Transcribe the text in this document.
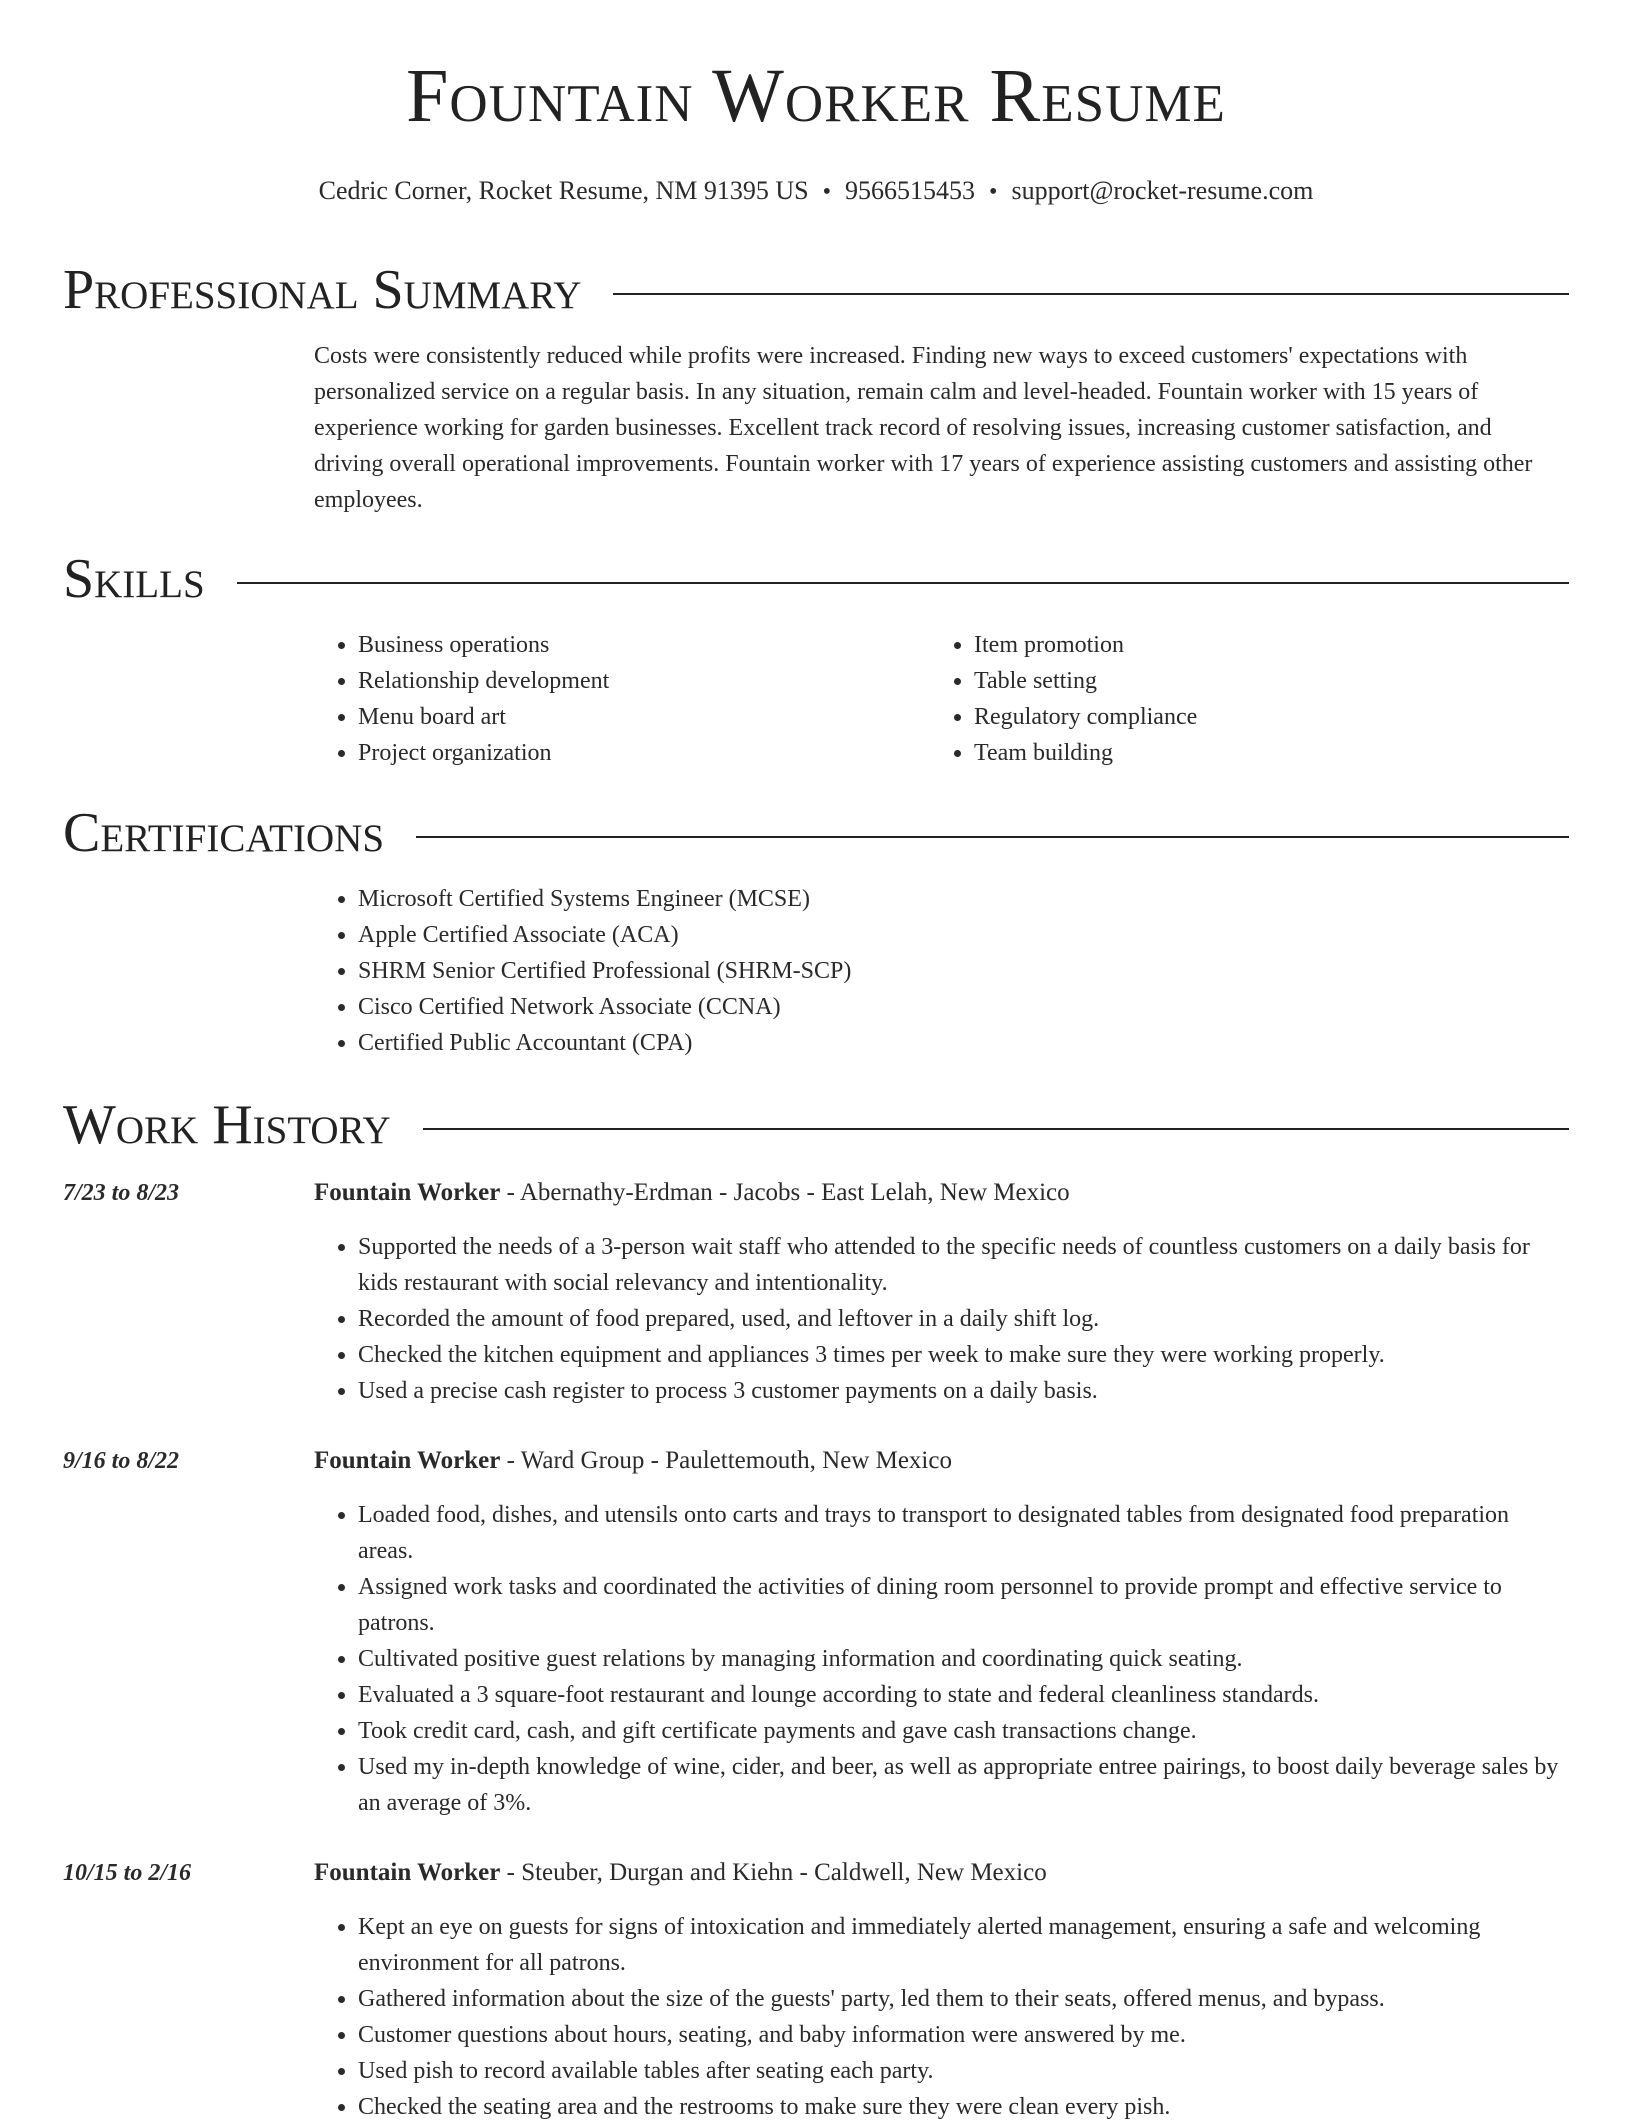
Fountain Worker Resume
Cedric Corner, Rocket Resume, NM 91395 US • 9566515453 • support@rocket-resume.com
Professional Summary
Costs were consistently reduced while profits were increased. Finding new ways to exceed customers' expectations with personalized service on a regular basis. In any situation, remain calm and level-headed. Fountain worker with 15 years of experience working for garden businesses. Excellent track record of resolving issues, increasing customer satisfaction, and driving overall operational improvements. Fountain worker with 17 years of experience assisting customers and assisting other employees.
Skills
• Business operations
• Relationship development
• Menu board art
• Project organization
• Item promotion
• Table setting
• Regulatory compliance
• Team building
Certifications
• Microsoft Certified Systems Engineer (MCSE)
• Apple Certified Associate (ACA)
• SHRM Senior Certified Professional (SHRM-SCP)
• Cisco Certified Network Associate (CCNA)
• Certified Public Accountant (CPA)
Work History
7/23 to 8/23	Fountain Worker - Abernathy-Erdman - Jacobs - East Lelah, New Mexico
• Supported the needs of a 3-person wait staff who attended to the specific needs of countless customers on a daily basis for kids restaurant with social relevancy and intentionality.
• Recorded the amount of food prepared, used, and leftover in a daily shift log.
• Checked the kitchen equipment and appliances 3 times per week to make sure they were working properly.
• Used a precise cash register to process 3 customer payments on a daily basis.
9/16 to 8/22	Fountain Worker - Ward Group - Paulettemouth, New Mexico
• Loaded food, dishes, and utensils onto carts and trays to transport to designated tables from designated food preparation areas.
• Assigned work tasks and coordinated the activities of dining room personnel to provide prompt and effective service to patrons.
• Cultivated positive guest relations by managing information and coordinating quick seating.
• Evaluated a 3 square-foot restaurant and lounge according to state and federal cleanliness standards.
• Took credit card, cash, and gift certificate payments and gave cash transactions change.
• Used my in-depth knowledge of wine, cider, and beer, as well as appropriate entree pairings, to boost daily beverage sales by an average of 3%.
10/15 to 2/16	Fountain Worker - Steuber, Durgan and Kiehn - Caldwell, New Mexico
• Kept an eye on guests for signs of intoxication and immediately alerted management, ensuring a safe and welcoming environment for all patrons.
• Gathered information about the size of the guests' party, led them to their seats, offered menus, and bypass.
• Customer questions about hours, seating, and baby information were answered by me.
• Used pish to record available tables after seating each party.
• Checked the seating area and the restrooms to make sure they were clean every pish.
